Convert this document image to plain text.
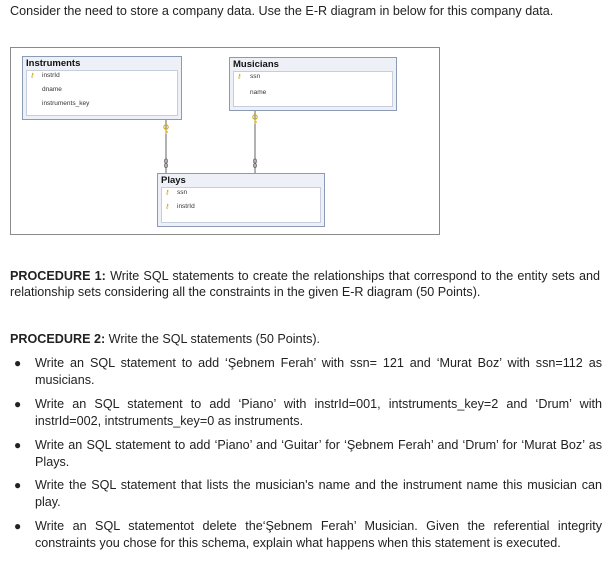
Consider the need to store a company data. Use the E-R diagram in below for this company data.
Instruments
⚷ instrId
dname
instruments_key
Musicians
⚷ ssn
name
Plays
⚷ ssn
⚷ instrId
PROCEDURE 1: Write SQL statements to create the relationships that correspond to the entity sets and relationship sets considering all the constraints in the given E-R diagram (50 Points).
PROCEDURE 2: Write the SQL statements (50 Points).
● Write an SQL statement to add ‘Şebnem Ferah’ with ssn= 121 and ‘Murat Boz’ with ssn=112 as musicians.
● Write an SQL statement to add ‘Piano’ with instrId=001, intstruments_key=2 and ‘Drum’ with instrId=002, intstruments_key=0 as instruments.
● Write an SQL statement to add ‘Piano’ and ‘Guitar’ for ‘Şebnem Ferah’ and ‘Drum’ for ‘Murat Boz’ as Plays.
● Write the SQL statement that lists the musician's name and the instrument name this musician can play.
● Write an SQL statementot delete the‘Şebnem Ferah’ Musician. Given the referential integrity constraints you chose for this schema, explain what happens when this statement is executed.
